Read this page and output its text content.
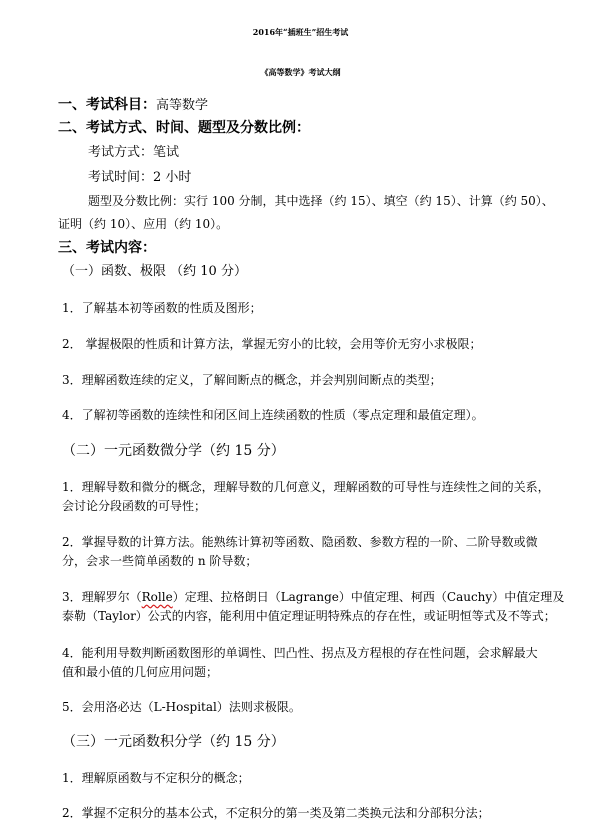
2016年“插班生”招生考试
《高等数学》考试大纲
一、考试科目：高等数学
二、考试方式、时间、题型及分数比例：
考试方式：笔试
考试时间：2 小时
题型及分数比例：实行 100 分制，其中选择（约 15）、填空（约 15）、计算（约 50）、
证明（约 10）、应用（约 10）。
三、考试内容：
（一）函数、极限 （约 10 分）
1．了解基本初等函数的性质及图形；
2． 掌握极限的性质和计算方法，掌握无穷小的比较，会用等价无穷小求极限；
3．理解函数连续的定义，了解间断点的概念，并会判别间断点的类型；
4．了解初等函数的连续性和闭区间上连续函数的性质（零点定理和最值定理）。
（二）一元函数微分学（约 15 分）
1．理解导数和微分的概念，理解导数的几何意义，理解函数的可导性与连续性之间的关系，
会讨论分段函数的可导性；
2．掌握导数的计算方法。能熟练计算初等函数、隐函数、参数方程的一阶、二阶导数或微
分，会求一些简单函数的 n 阶导数；
3．理解罗尔（Rolle）定理、拉格朗日（Lagrange）中值定理、柯西（Cauchy）中值定理及
泰勒（Taylor）公式的内容，能利用中值定理证明特殊点的存在性，或证明恒等式及不等式；
4．能利用导数判断函数图形的单调性、凹凸性、拐点及方程根的存在性问题，会求解最大
值和最小值的几何应用问题；
5．会用洛必达（L-Hospital）法则求极限。
（三）一元函数积分学（约 15 分）
1．理解原函数与不定积分的概念；
2．掌握不定积分的基本公式，不定积分的第一类及第二类换元法和分部积分法；
